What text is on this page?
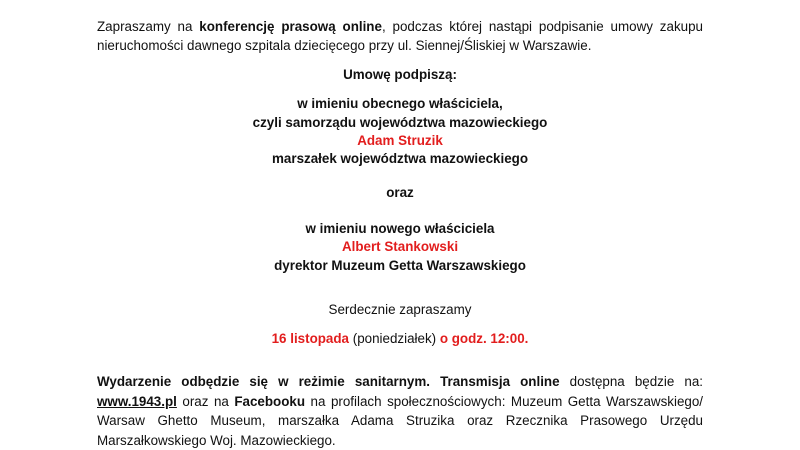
Zapraszamy na konferencję prasową online, podczas której nastąpi podpisanie umowy zakupu nieruchomości dawnego szpitala dziecięcego przy ul. Siennej/Śliskiej w Warszawie.

Umowę podpiszą:
w imieniu obecnego właściciela,
czyli samorządu województwa mazowieckiego
Adam Struzik
marszałek województwa mazowieckiego
oraz
w imieniu nowego właściciela
Albert Stankowski
dyrektor Muzeum Getta Warszawskiego
Serdecznie zapraszamy
16 listopada (poniedziałek) o godz. 12:00.
Wydarzenie odbędzie się w reżimie sanitarnym. Transmisja online dostępna będzie na:
www.1943.pl oraz na Facebooku na profilach społecznościowych: Muzeum Getta Warszawskiego/
Warsaw Ghetto Museum, marszałka Adama Struzika oraz Rzecznika Prasowego Urzędu
Marszałkowskiego Woj. Mazowieckiego.
